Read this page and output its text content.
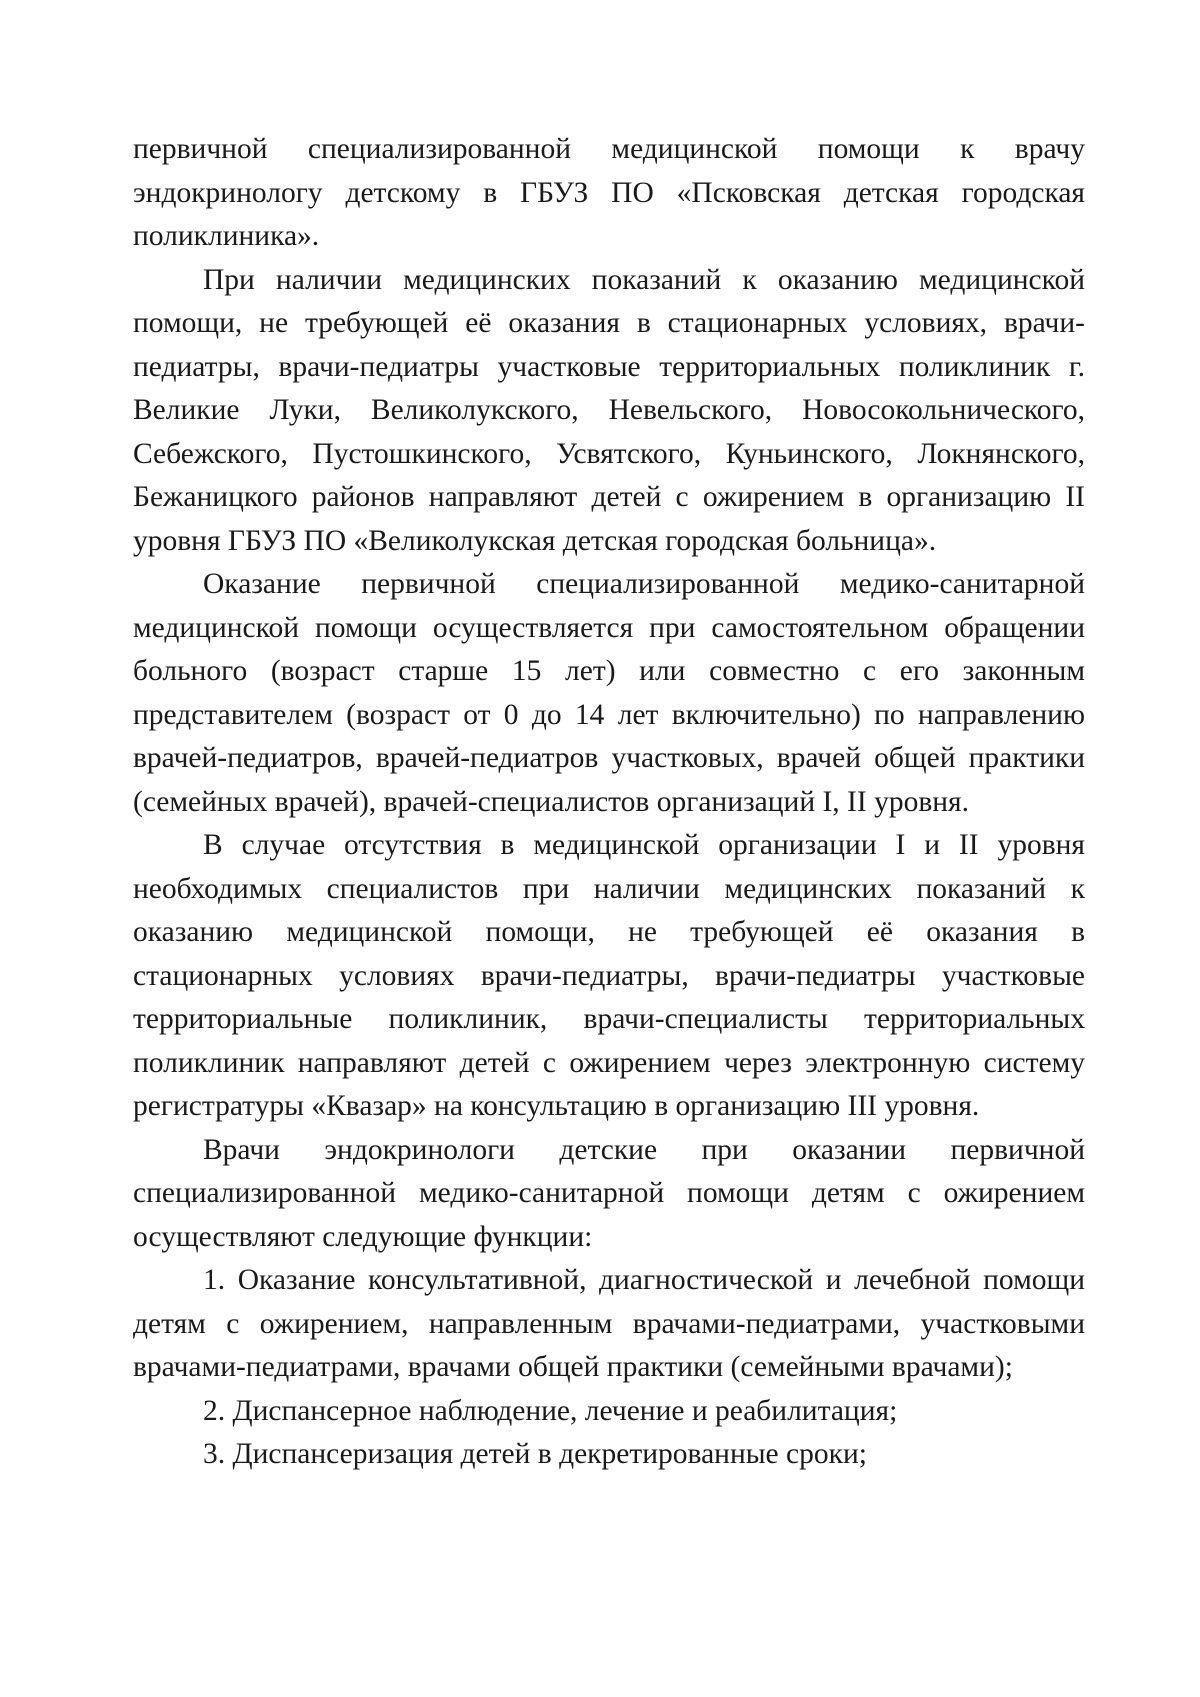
первичной специализированной медицинской помощи к врачу эндокринологу детскому в ГБУЗ ПО «Псковская детская городская поликлиника».

При наличии медицинских показаний к оказанию медицинской помощи, не требующей её оказания в стационарных условиях, врачи-педиатры, врачи-педиатры участковые территориальных поликлиник г. Великие Луки, Великолукского, Невельского, Новосокольнического, Себежского, Пустошкинского, Усвятского, Куньинского, Локнянского, Бежаницкого районов направляют детей с ожирением в организацию II уровня ГБУЗ ПО «Великолукская детская городская больница».

Оказание первичной специализированной медико-санитарной медицинской помощи осуществляется при самостоятельном обращении больного (возраст старше 15 лет) или совместно с его законным представителем (возраст от 0 до 14 лет включительно) по направлению врачей-педиатров, врачей-педиатров участковых, врачей общей практики (семейных врачей), врачей-специалистов организаций I, II уровня.

В случае отсутствия в медицинской организации I и II уровня необходимых специалистов при наличии медицинских показаний к оказанию медицинской помощи, не требующей её оказания в стационарных условиях врачи-педиатры, врачи-педиатры участковые территориальные поликлиник, врачи-специалисты территориальных поликлиник направляют детей с ожирением через электронную систему регистратуры «Квазар» на консультацию в организацию III уровня.

Врачи эндокринологи детские при оказании первичной специализированной медико-санитарной помощи детям с ожирением осуществляют следующие функции:

1. Оказание консультативной, диагностической и лечебной помощи детям с ожирением, направленным врачами-педиатрами, участковыми врачами-педиатрами, врачами общей практики (семейными врачами);

2. Диспансерное наблюдение, лечение и реабилитация;

3. Диспансеризация детей в декретированные сроки;
